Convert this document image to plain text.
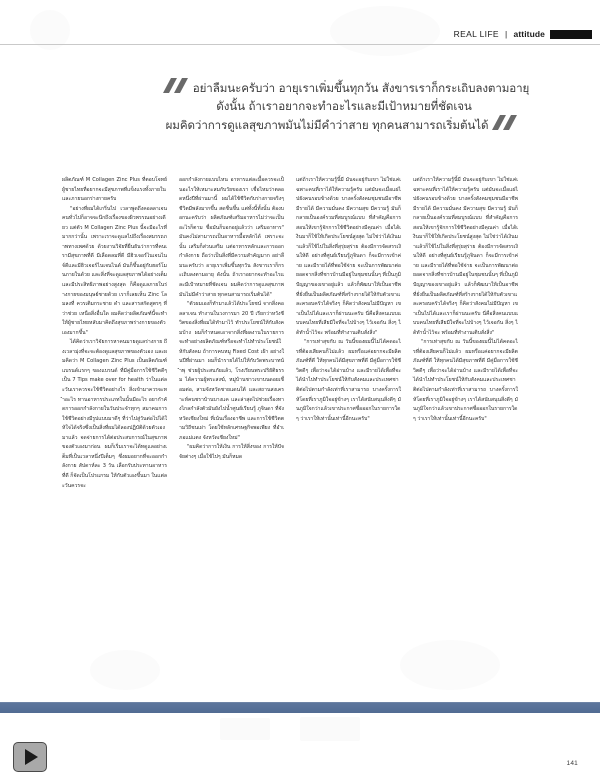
REAL LIFE | attitude
อย่าลืมนะครับว่า อายุเราเพิ่มขึ้นทุกวัน สังขารเราก็กระเถิบลงตามอายุ
ดังนั้น ถ้าเราอยากจะทำอะไรและมีเป้าหมายที่ชัดเจน
ผมคิดว่าการดูแลสุขภาพมันไม่มีคำว่าสาย ทุกคนสามารถเริ่มต้นได้

ผลิตภัณฑ์ M Collagen Zinc Plus ที่ตอบโจทย์ผู้ชายไทยที่อยากจะมีสุขภาพที่แข็งแรงทั้งภายในและภายนอกร่างกายครับ

"อย่างที่ผมได้เกริ่นไป เวลาพูดถึงคอลลาเจน คนทั่วไปก็อาจจะนึกถึงเรื่องของผิวพรรณอย่างเดียว แต่ตัว M Collagen Zinc Plus นี้จะมีอะไรที่มากกว่านั้น เพราะเราจะดูแลไปถึงเรื่องสมรรถภาพทางเพศด้วย ด้วยงานวิจัยที่ยืนยันว่าการที่คนเรามีสุขภาพที่ดี มีเลือดลมที่ดี มีฮิวเจอร์ไนเจนไนจ์ดีและมีฮิวเจอร์ไนเจนไนด์ มันก็ขึ้นอยู่กับฮอร์โมนภายในด้วย และสิ่งที่จะดูแลสุขภาพได้อย่างเต็มและมีประสิทธิภาพอย่างสูงสุด ก็คือดูแลภายในร่างกายของมนุษย์ชายด้วย เราก็เลยเห็น Zinc โลมลงที่ ควรเติมกระชาย ดำ และสารสกัดสูตรๆ ที่ว่าช่วย เหนือสิ่งอื่นใด ผมคิดว่าผลิตภัณฑ์นี้จะทำให้ผู้ชายไทยหลับมาคิดถึงสุขภาพร่างกายของตัวเองมากขึ้น"

ได้คิดว่าเราวิจัยการหาคนมายดูแลร่างกาย ถึงเวลามุ่งที่จะจะต้องดูแลสุขภาพของตัวเอง และผมคิดว่า M Collagen Zinc Plus เป็นผลิตภัณฑ์แบรนด์แรกๆ ของแบรนด์ ที่มีคู่มือการใช้ชีวิตดีๆ เป็น 7 Tips make over for health ว่าในแต่ละวันเราควรจะใช้ชีวิตอย่างไร สิ่งเข้ามาควรจะทำอะไร ทานอาหารประเภทในนั้นมีอะไร อยากำคัดการออกกำลังกายในวันประจำทุกๆ สมาคมการใช้ชีวิตอย่างมีรูปแบบมาดีๆ ที่ว่าไปสู่วันต่อไปได้ให้ใจได้จริงซึ่งเป็นสิ่งที่ผมได้ลองปฏิบัติด้วยตัวเอง มาแล้ว จดจ่ายการได้ต่อประสบการณ์ในสุขภาพของตัวเองมาก่อน ผมก็เริ่มเราจะได้ทดูแลอย่างเต็มที่เป็นเวลาหนึ่งปีเต็มๆ ซึ่งผมอยากที่จะออกกำลังกาย สัปดาห์ละ 3 วัน เลือกรับประทานอาหารที่ดี ก็จัดเป็นโปรแกรม ให้กับตัวเองขึ้นมา ในแต่ละวันควรจะ

ออกกำลังกายแบบไหน อาหารแต่ละมื้อควรจะเป็นอะไรให้เหมาะสมกับวัยของเรา เชื่อไหมว่าตลอดหนึ่งปีที่ผ่านมานี้ ผมได้ใช้ชีวิตกับร่างกายจริงๆ ชีวิตมีพลังมากขึ้น สดชื่นขึ้น แต่ทั้งนี้ทั้งนั้น ต้องบอกนะครับว่า ผลิตภัณฑ์เสริมอาหารไม่ว่าจะเป็นอะไรก็ตาม ชื่อมันก็บอกอยู่แล้วว่า เสริมอาหาร" มันคงไม่สามารถเป็นอาหารมื้อหลักได้ เพราะจะนั้น เสริมก็ส่วนเสริม แต่อาหารหลักและการออกกำลังกาย ถือว่าเป็นสิ่งที่มีความสำคัญมาก อย่าลืมนะครับว่า อายุเราเพิ่มขึ้นทุกวัน สังขารเราก็กระเถิบลงตามอายุ ดังนั้น ถ้าเราอยากจะทำอะไรและมีเป้าหมายที่ชัดเจน ผมคิดว่าการดูแลสุขภาพมันไม่มีคำว่าสาย ทุกคนสามารถเริ่มต้นได้"

"ตัวผมเองก็ทำมาแล้วได้ประโยชน์ จากสิ่งคอลลาเจน ทำงานในวงการมา 20 ปี เรียกว่าหวังชีวิตของสิ่งที่ผมได้ทำมาไว้ ทำประโยชน์ให้กับสังคมบ้าง ผมก็กำหนดเอาจากสิ่งที่ผลงานในรายการจะทำอย่างผลิตภัณฑ์หรือจะทำไปทำประโยชน์ให้กับสังคม ถ้าการคบหมู Fixed Cost เฝ้า อย่างในปีที่ผ่านมา ผมก็นำรายได้ไปให้กับวัดพระบาทน้ำพุ ช่วยผู้ประสบภัยแล้ว, โรงเรียนพระปริยัติธรรม ได้ความผู้พระสงฆ์, หมู่บ้านชาวเขาบนดอยเชื่อมต่อ, สามจังหวัดชายแดนใต้ และสถานสงเคราะห์คนชราบ้านบางแค และล่าสุดไปช่วยเรื่องทางไกลกำลังตัวมันยังไปน้ำศูนย์เรียนรู้ ภูจินดา ที่จังหวัดเชียงใหม่ ที่เน้นเรื่องอาชีพ และการใช้ชีวิตตามวิถีชนเผ่า โดยใช้หลักเศรษฐกิจพอเพียง ที่อำเภอแม่แตง จังหวัดเชียงใหม่"

"ผมคิดว่าการให้เงิน การให้สิ่งของ การให้ปัจจัยต่างๆ เมื่อใช้ไปๆ มันก็หมด

แต่ถ้าเราให้ความรู้นี้มี มันจะอยู่กับเขา ไม่ใช่แค่เฉพาะคนที่เราได้ให้ความรู้ครับ แต่มันจะเมื่อแผ่ไปยังคนรอบข้างด้วย บางครั้งสังคมชุมชนมีอาชีพ มีรายได้ มีความมั่นคง มีความสุข มีความรู้ มันก็กลายเป็นองค์รวมที่สมบูรณ์แบบ ที่สำคัญคือการสอนให้เขารู้จักการใช้ชีวิตอย่างมีคุณค่า เมื่อได้เงินมาก็ใช้ให้เกิดประโยชน์สูงสุด ไม่ใช่ว่าได้เงินมาแล้วก็ใช้ไปในสิ่งที่สุรุ่ยสุร่าย ต้องมีการจัดสรรเงินให้ดี อย่างที่ศูนย์เรียนรู้ภูจินดา ก็จะมีการเข้าค่าย และมีรายได้ที่พอใช้จ่าย จะเป็นการพัฒนาต่อยอดจากสิ่งที่ชาวบ้านมีอยู่ในชุมชนนั้นๆ ที่เป็นภูมิปัญญาของเขาอยู่แล้ว แล้วก็พัฒนาให้เป็นอาชีพที่ยั่งยืนเป็นผลิตภัณฑ์ที่สร้างรายได้ให้กับตัวเขาและครอบครัวได้จริงๆ ก็คิดว่าสังคมไม่มีปัญหา เขาเป็นไปได้และเราก็ผ่านนะครับ นี่คือสิ่งคนแบบแบบคนไทยที่เสียมีใจที่จะไปบ้างๆ ไว้เจอกัน สิ่งๆ ได้ทำน้ำไว้จะ พร้อมที่ทำงานเติบสั่งสิ่ง"

"การเท่าสุขกับ ณ วันนี้ของผมนี้ไม่ได้คดอะไรที่ต้องเสียคนก็ไม่แล้ว ผมหรือแค่อยากจะมีผลิตภัณฑ์ที่ดี ให้ทุกคนได้มีสุขภาพที่ดี มีคู่มือการใช้ชีวิตดีๆ เพื่อว่าจะได้อ่านบ้าง และมีรายได้เพื่อที่จะได้นำไปทำประโยชน์ให้กับสังคมและประเทศชาติต่อไปตามกำลังเท่าที่เราสามารถ บางครั้งการให้โดยที่เราภูมิใจอยู่ข้างๆ เราได้สนับสนุนสิ่งดีๆ มันภูมิใจกว่าแล้วเขาประกาศชื่อออกในรายการใดๆ ว่าเราให้เท่านั้นเท่านี้อีกนะครับ"

แต่ถ้าเราให้ความรู้นี้มี มันจะอยู่กับเขา ไม่ใช่แค่เฉพาะคนที่เราได้ให้ความรู้ครับ แต่มันจะเมื่อแผ่ไปยังคนรอบข้างด้วย บางครั้งสังคมชุมชนมีอาชีพ มีรายได้ มีความมั่นคง มีความสุข มีความรู้ มันก็กลายเป็นองค์รวมที่สมบูรณ์แบบ ที่สำคัญคือการสอนให้เขารู้จักการใช้ชีวิตอย่างมีคุณค่า เมื่อได้เงินมาก็ใช้ให้เกิดประโยชน์สูงสุด ไม่ใช่ว่าได้เงินมาแล้วก็ใช้ไปในสิ่งที่สุรุ่ยสุร่าย ต้องมีการจัดสรรเงินให้ดี อย่างที่ศูนย์เรียนรู้ภูจินดา ก็จะมีการเข้าค่าย และมีรายได้ที่พอใช้จ่าย จะเป็นการพัฒนาต่อยอดจากสิ่งที่ชาวบ้านมีอยู่ในชุมชนนั้นๆ ที่เป็นภูมิปัญญาของเขาอยู่แล้ว แล้วก็พัฒนาให้เป็นอาชีพที่ยั่งยืนเป็นผลิตภัณฑ์ที่สร้างรายได้ให้กับตัวเขาและครอบครัวได้จริงๆ ก็คิดว่าสังคมไม่มีปัญหา เขาเป็นไปได้และเราก็ผ่านนะครับ นี่คือสิ่งคนแบบแบบคนไทยที่เสียมีใจที่จะไปบ้างๆ ไว้เจอกัน สิ่งๆ ได้ทำน้ำไว้จะ พร้อมที่ทำงานเติบสั่งสิ่ง"

"การเท่าสุขกับ ณ วันนี้ของผมนี้ไม่ได้คดอะไรที่ต้องเสียคนก็ไม่แล้ว ผมหรือแค่อยากจะมีผลิตภัณฑ์ที่ดี ให้ทุกคนได้มีสุขภาพที่ดี มีคู่มือการใช้ชีวิตดีๆ เพื่อว่าจะได้อ่านบ้าง และมีรายได้เพื่อที่จะได้นำไปทำประโยชน์ให้กับสังคมและประเทศชาติต่อไปตามกำลังเท่าที่เราสามารถ บางครั้งการให้โดยที่เราภูมิใจอยู่ข้างๆ เราได้สนับสนุนสิ่งดีๆ มันภูมิใจกว่าแล้วเขาประกาศชื่อออกในรายการใดๆ ว่าเราให้เท่านั้นเท่านี้อีกนะครับ"

141
